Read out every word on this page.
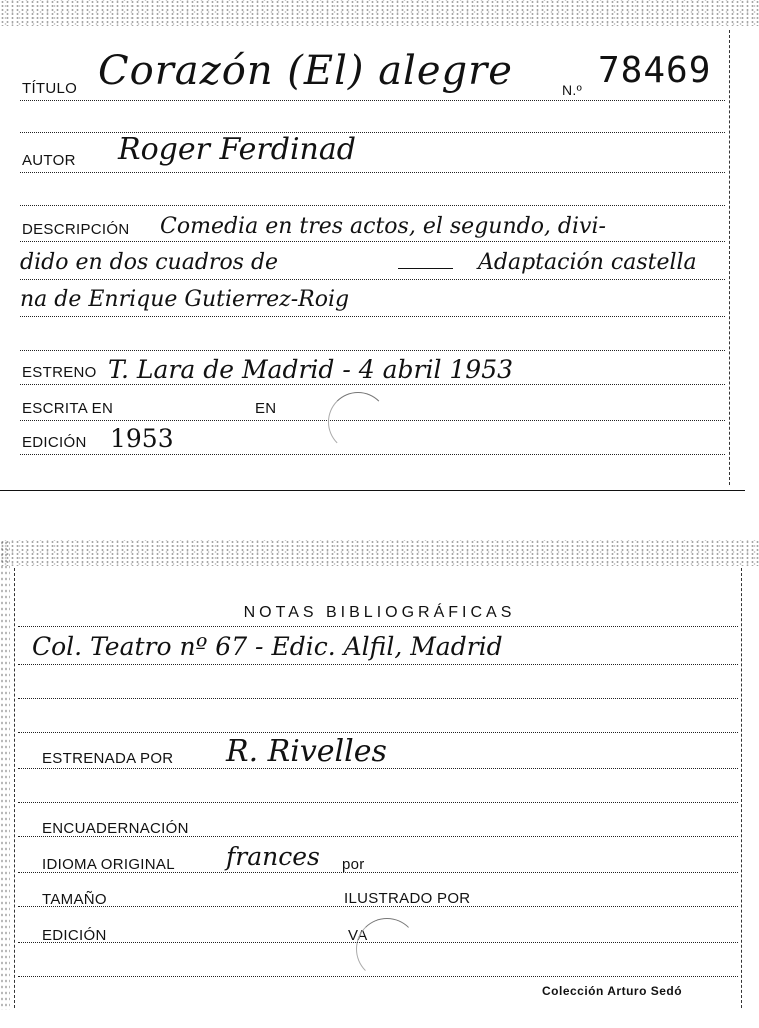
TÍTULO Corazón (El) alegre	N.º 78469
AUTOR Roger Ferdinad
DESCRIPCIÓN Comedia en tres actos, el segundo, divi-
dido en dos cuadros de	Adaptación castella
na de Enrique Gutierrez-Roig
ESTRENO T. Lara de Madrid - 4 abril 1953
ESCRITA EN	EN
EDICIÓN 1953
NOTAS BIBLIOGRÁFICAS
Col. Teatro nº 67 - Edic. Alfil, Madrid
ESTRENADA POR R. Rivelles
ENCUADERNACIÓN
IDIOMA ORIGINAL frances por
TAMAÑO	ILUSTRADO POR
EDICIÓN	VA
Colección Arturo Sedó
